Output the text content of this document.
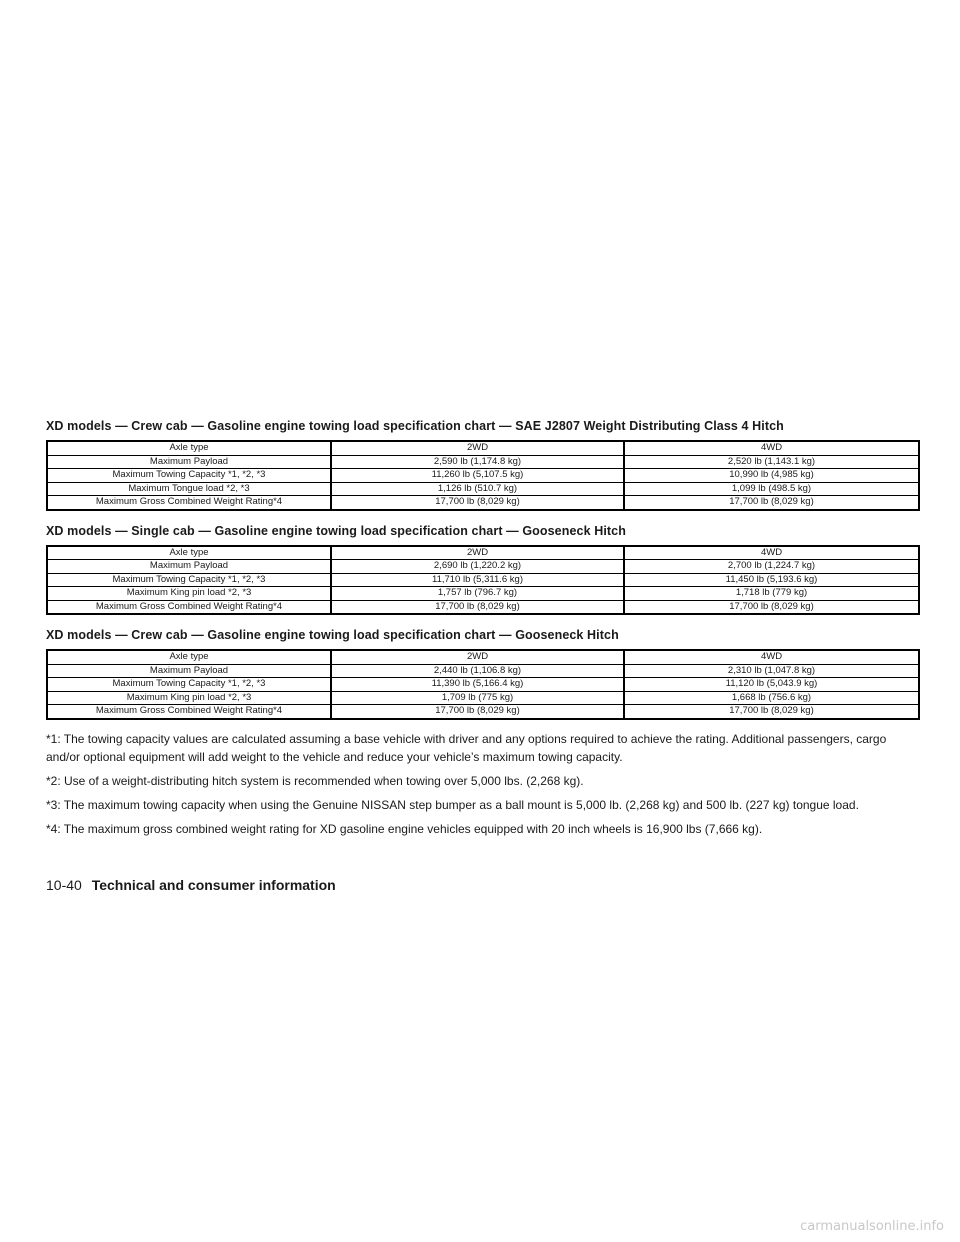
XD models — Crew cab — Gasoline engine towing load specification chart — SAE J2807 Weight Distributing Class 4 Hitch
Axle type	2WD	4WD
Maximum Payload	2,590 lb (1,174.8 kg)	2,520 lb (1,143.1 kg)
Maximum Towing Capacity *1, *2, *3	11,260 lb (5,107.5 kg)	10,990 lb (4,985 kg)
Maximum Tongue load *2, *3	1,126 lb (510.7 kg)	1,099 lb (498.5 kg)
Maximum Gross Combined Weight Rating*4	17,700 lb (8,029 kg)	17,700 lb (8,029 kg)
XD models — Single cab — Gasoline engine towing load specification chart — Gooseneck Hitch
Axle type	2WD	4WD
Maximum Payload	2,690 lb (1,220.2 kg)	2,700 lb (1,224.7 kg)
Maximum Towing Capacity *1, *2, *3	11,710 lb (5,311.6 kg)	11,450 lb (5,193.6 kg)
Maximum King pin load *2, *3	1,757 lb (796.7 kg)	1,718 lb (779 kg)
Maximum Gross Combined Weight Rating*4	17,700 lb (8,029 kg)	17,700 lb (8,029 kg)
XD models — Crew cab — Gasoline engine towing load specification chart — Gooseneck Hitch
Axle type	2WD	4WD
Maximum Payload	2,440 lb (1,106.8 kg)	2,310 lb (1,047.8 kg)
Maximum Towing Capacity *1, *2, *3	11,390 lb (5,166.4 kg)	11,120 lb (5,043.9 kg)
Maximum King pin load *2, *3	1,709 lb (775 kg)	1,668 lb (756.6 kg)
Maximum Gross Combined Weight Rating*4	17,700 lb (8,029 kg)	17,700 lb (8,029 kg)

*1: The towing capacity values are calculated assuming a base vehicle with driver and any options required to achieve the rating. Additional passengers, cargo and/or optional equipment will add weight to the vehicle and reduce your vehicle’s maximum towing capacity.

*2: Use of a weight-distributing hitch system is recommended when towing over 5,000 lbs. (2,268 kg).

*3: The maximum towing capacity when using the Genuine NISSAN step bumper as a ball mount is 5,000 lb. (2,268 kg) and 500 lb. (227 kg) tongue load.

*4: The maximum gross combined weight rating for XD gasoline engine vehicles equipped with 20 inch wheels is 16,900 lbs (7,666 kg).

10-40 Technical and consumer information
carmanualsonline.info
